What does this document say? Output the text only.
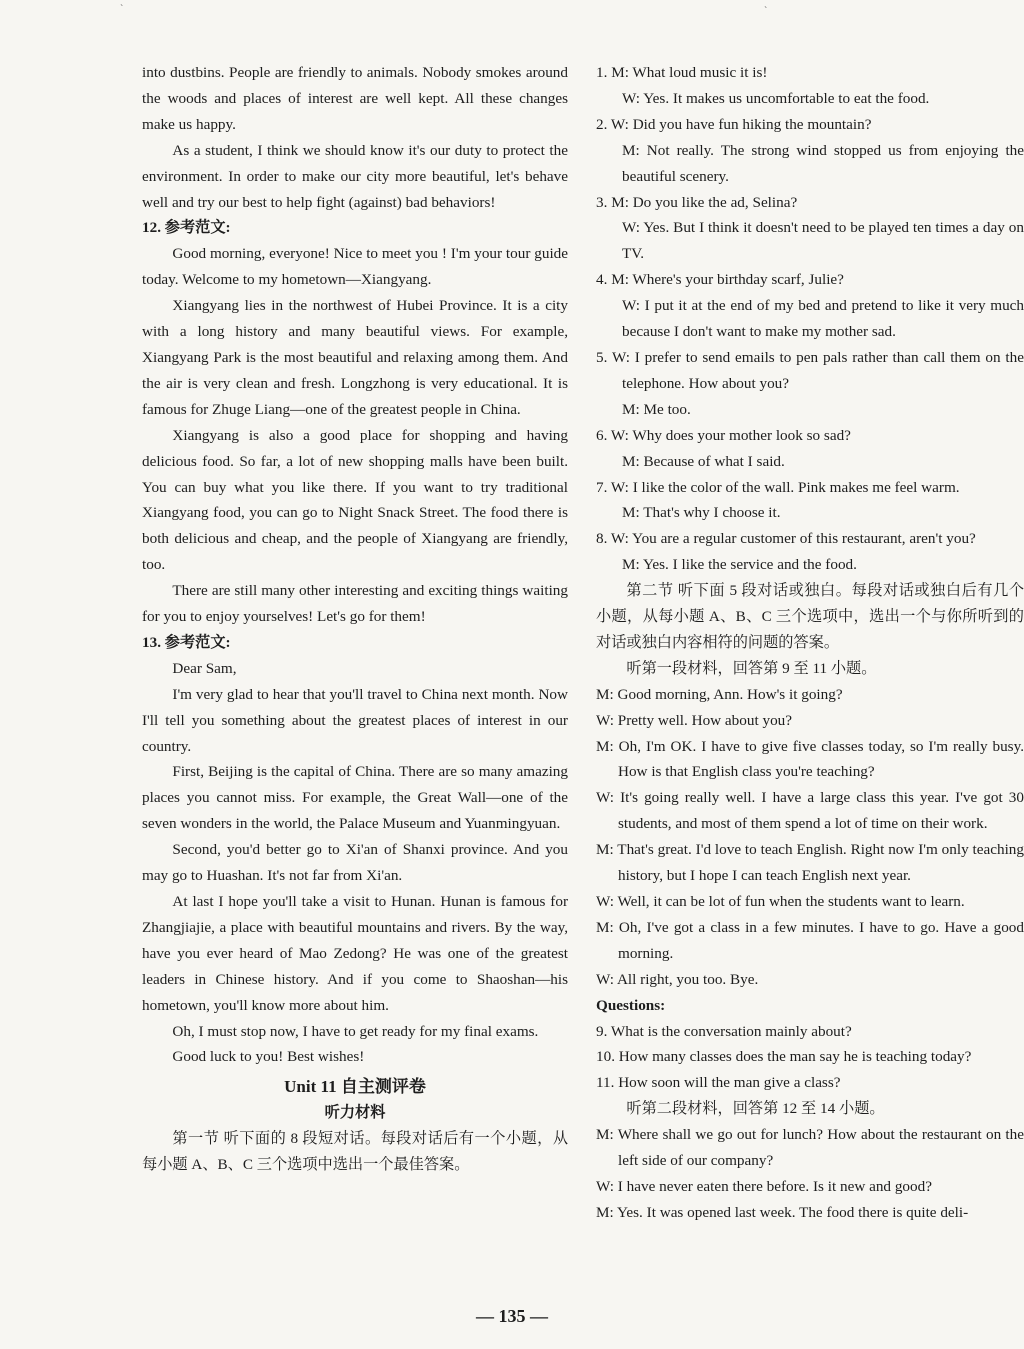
ˋ	ˋ

into dustbins. People are friendly to animals. Nobody smokes around the woods and places of interest are well kept. All these changes make us happy.

As a student, I think we should know it's our duty to protect the environment. In order to make our city more beautiful, let's behave well and try our best to help fight (against) bad behaviors!

12. 参考范文:

Good morning, everyone! Nice to meet you ! I'm your tour guide today. Welcome to my hometown—Xiangyang.

Xiangyang lies in the northwest of Hubei Province. It is a city with a long history and many beautiful views. For example, Xiangyang Park is the most beautiful and relaxing among them. And the air is very clean and fresh. Longzhong is very educational. It is famous for Zhuge Liang—one of the greatest people in China.

Xiangyang is also a good place for shopping and having delicious food. So far, a lot of new shopping malls have been built. You can buy what you like there. If you want to try traditional Xiangyang food, you can go to Night Snack Street. The food there is both delicious and cheap, and the people of Xiangyang are friendly, too.

There are still many other interesting and exciting things waiting for you to enjoy yourselves! Let's go for them!

13. 参考范文:

Dear Sam,

I'm very glad to hear that you'll travel to China next month. Now I'll tell you something about the greatest places of interest in our country.

First, Beijing is the capital of China. There are so many amazing places you cannot miss. For example, the Great Wall—one of the seven wonders in the world, the Palace Museum and Yuanmingyuan.

Second, you'd better go to Xi'an of Shanxi province. And you may go to Huashan. It's not far from Xi'an.

At last I hope you'll take a visit to Hunan. Hunan is famous for Zhangjiajie, a place with beautiful mountains and rivers. By the way, have you ever heard of Mao Zedong? He was one of the greatest leaders in Chinese history. And if you come to Shaoshan—his hometown, you'll know more about him.

Oh, I must stop now, I have to get ready for my final exams.

Good luck to you! Best wishes!

Unit 11 自主测评卷

听力材料

第一节 听下面的 8 段短对话。每段对话后有一个小题，从每小题 A、B、C 三个选项中选出一个最佳答案。

1. M: What loud music it is!

W: Yes. It makes us uncomfortable to eat the food.

2. W: Did you have fun hiking the mountain?

M: Not really. The strong wind stopped us from enjoying the beautiful scenery.

3. M: Do you like the ad, Selina?

W: Yes. But I think it doesn't need to be played ten times a day on TV.

4. M: Where's your birthday scarf, Julie?

W: I put it at the end of my bed and pretend to like it very much because I don't want to make my mother sad.

5. W: I prefer to send emails to pen pals rather than call them on the telephone. How about you?

M: Me too.

6. W: Why does your mother look so sad?

M: Because of what I said.

7. W: I like the color of the wall. Pink makes me feel warm.

M: That's why I choose it.

8. W: You are a regular customer of this restaurant, aren't you?

M: Yes. I like the service and the food.

第二节 听下面 5 段对话或独白。每段对话或独白后有几个小题，从每小题 A、B、C 三个选项中，选出一个与你所听到的对话或独白内容相符的问题的答案。

听第一段材料，回答第 9 至 11 小题。

M: Good morning, Ann. How's it going?

W: Pretty well. How about you?

M: Oh, I'm OK. I have to give five classes today, so I'm really busy. How is that English class you're teaching?

W: It's going really well. I have a large class this year. I've got 30 students, and most of them spend a lot of time on their work.

M: That's great. I'd love to teach English. Right now I'm only teaching history, but I hope I can teach English next year.

W: Well, it can be lot of fun when the students want to learn.

M: Oh, I've got a class in a few minutes. I have to go. Have a good morning.

W: All right, you too. Bye.

Questions:

9. What is the conversation mainly about?

10. How many classes does the man say he is teaching today?

11. How soon will the man give a class?

听第二段材料，回答第 12 至 14 小题。

M: Where shall we go out for lunch? How about the restaurant on the left side of our company?

W: I have never eaten there before. Is it new and good?

M: Yes. It was opened last week. The food there is quite deli-

— 135 —
